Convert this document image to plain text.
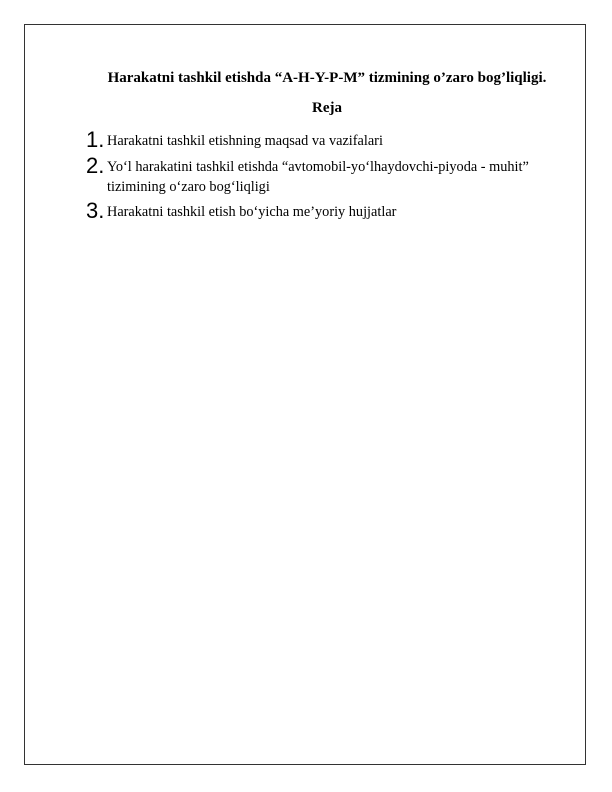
Harakatni tashkil etishda “A-H-Y-P-M” tizmining o’zaro bog’liqligi.
Reja
1. Harakatni tashkil etishning maqsad va vazifalari
2. Yo‘l harakatini tashkil etishda “avtomobil-yo‘lhaydovchi-piyoda - muhit” tizimining o‘zaro bog‘liqligi
3. Harakatni tashkil etish bo‘yicha me’yoriy hujjatlar
